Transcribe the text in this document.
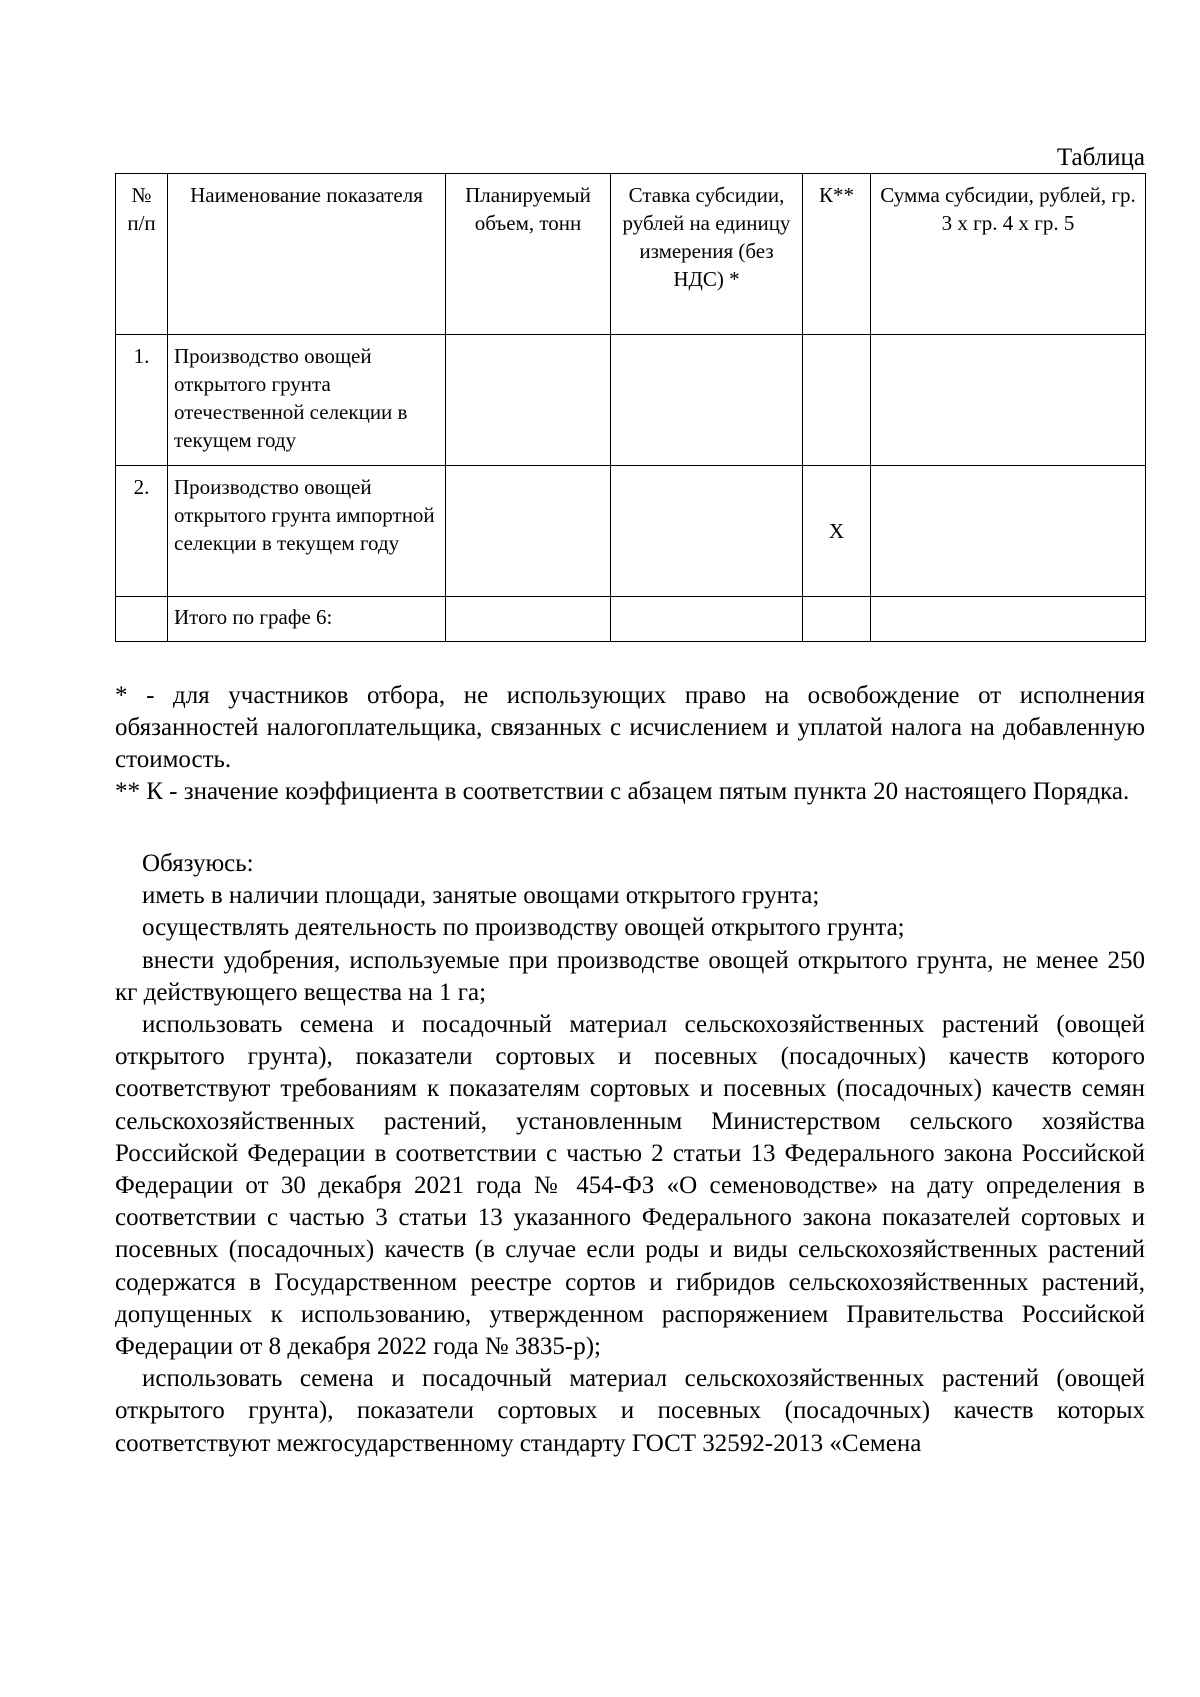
Таблица
№ п/п	Наименование показателя	Планируемый объем, тонн	Ставка субсидии, рублей на единицу измерения (без НДС) *	К**	Сумма субсидии, рублей, гр. 3 х гр. 4 х гр. 5
1.	Производство овощей открытого грунта отечественной селекции в текущем году				
2.	Производство овощей открытого грунта импортной селекции в текущем году			Х	
	Итого по графе 6:				

* - для участников отбора, не использующих право на освобождение от исполнения обязанностей налогоплательщика, связанных с исчислением и уплатой налога на добавленную стоимость.

** К - значение коэффициента в соответствии с абзацем пятым пункта 20 настоящего Порядка.

Обязуюсь:

иметь в наличии площади, занятые овощами открытого грунта;

осуществлять деятельность по производству овощей открытого грунта;

внести удобрения, используемые при производстве овощей открытого грунта, не менее 250 кг действующего вещества на 1 га;

использовать семена и посадочный материал сельскохозяйственных растений (овощей открытого грунта), показатели сортовых и посевных (посадочных) качеств которого соответствуют требованиям к показателям сортовых и посевных (посадочных) качеств семян сельскохозяйственных растений, установленным Министерством сельского хозяйства Российской Федерации в соответствии с частью 2 статьи 13 Федерального закона Российской Федерации от 30 декабря 2021 года № 454-ФЗ «О семеноводстве» на дату определения в соответствии с частью 3 статьи 13 указанного Федерального закона показателей сортовых и посевных (посадочных) качеств (в случае если роды и виды сельскохозяйственных растений содержатся в Государственном реестре сортов и гибридов сельскохозяйственных растений, допущенных к использованию, утвержденном распоряжением Правительства Российской Федерации от 8 декабря 2022 года № 3835-р);

использовать семена и посадочный материал сельскохозяйственных растений (овощей открытого грунта), показатели сортовых и посевных (посадочных) качеств которых соответствуют межгосударственному стандарту ГОСТ 32592-2013 «Семена
